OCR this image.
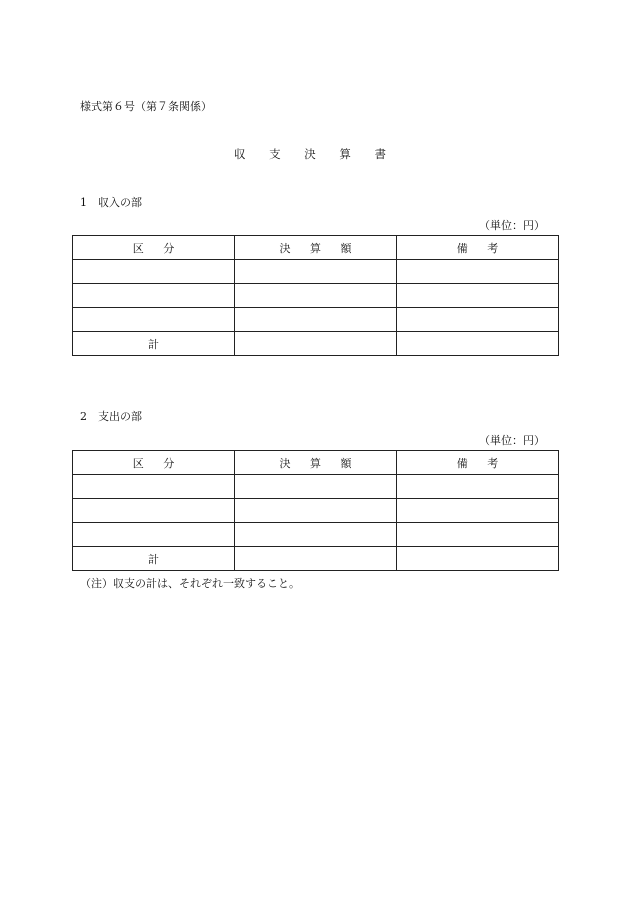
様式第６号（第７条関係）
収 支 決 算 書
1　収入の部
（単位：円）
区 分	決 算 額	備 考

計		
2　支出の部
（単位：円）
区 分	決 算 額	備 考

計		
（注）収支の計は、それぞれ一致すること。
